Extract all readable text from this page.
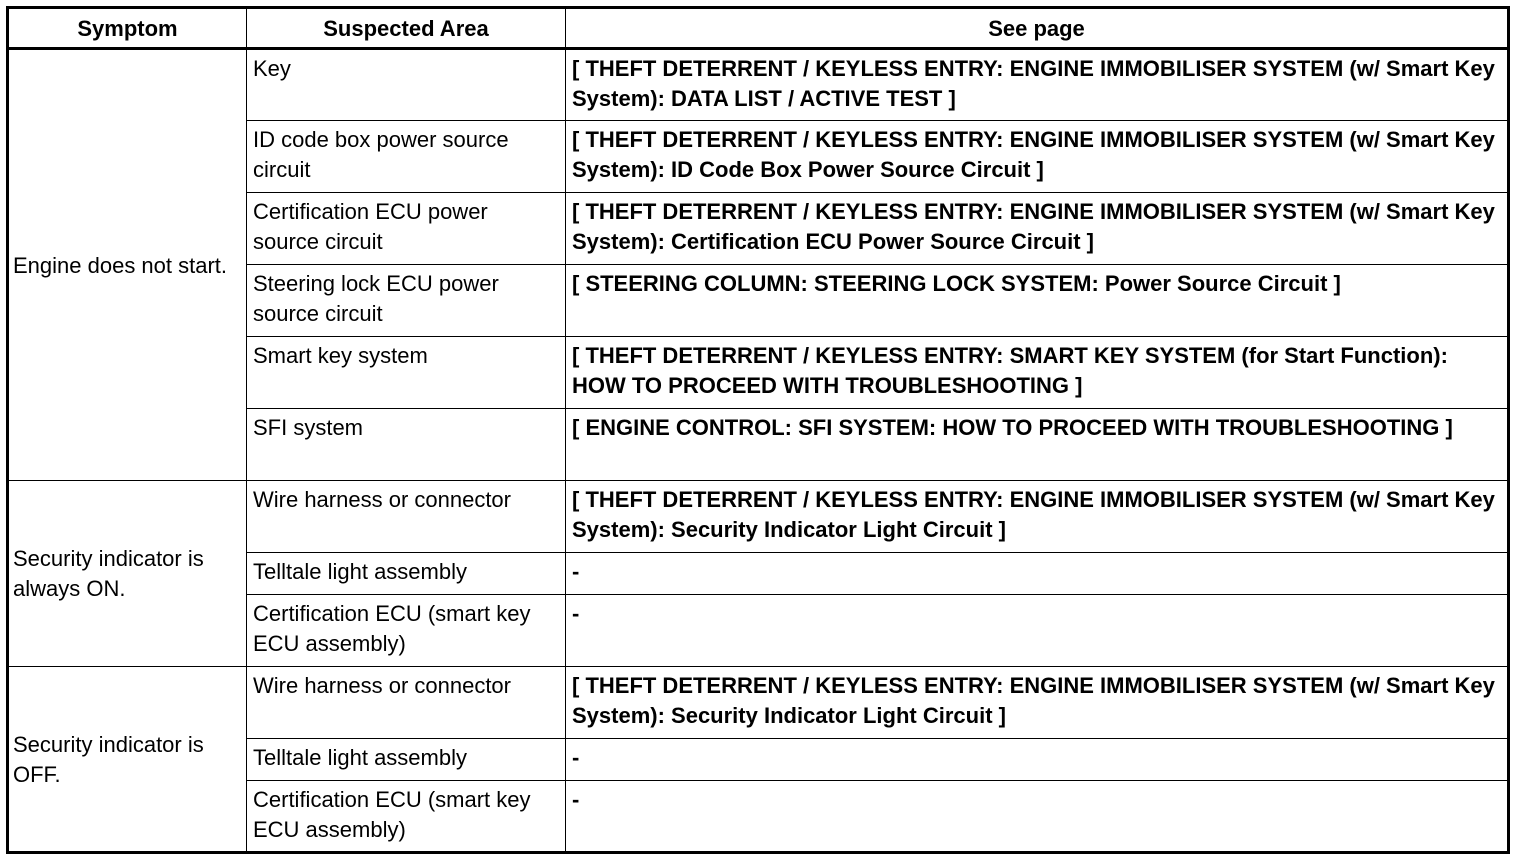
Symptom	Suspected Area	See page
Engine does not start.	Key	[ THEFT DETERRENT / KEYLESS ENTRY: ENGINE IMMOBILISER SYSTEM (w/ Smart Key System): DATA LIST / ACTIVE TEST ]
	ID code box power source circuit	[ THEFT DETERRENT / KEYLESS ENTRY: ENGINE IMMOBILISER SYSTEM (w/ Smart Key System): ID Code Box Power Source Circuit ]
	Certification ECU power source circuit	[ THEFT DETERRENT / KEYLESS ENTRY: ENGINE IMMOBILISER SYSTEM (w/ Smart Key System): Certification ECU Power Source Circuit ]
	Steering lock ECU power source circuit	[ STEERING COLUMN: STEERING LOCK SYSTEM: Power Source Circuit ]
	Smart key system	[ THEFT DETERRENT / KEYLESS ENTRY: SMART KEY SYSTEM (for Start Function): HOW TO PROCEED WITH TROUBLESHOOTING ]
	SFI system	[ ENGINE CONTROL: SFI SYSTEM: HOW TO PROCEED WITH TROUBLESHOOTING ]
Security indicator is always ON.	Wire harness or connector	[ THEFT DETERRENT / KEYLESS ENTRY: ENGINE IMMOBILISER SYSTEM (w/ Smart Key System): Security Indicator Light Circuit ]
	Telltale light assembly	-
	Certification ECU (smart key ECU assembly)	-
Security indicator is OFF.	Wire harness or connector	[ THEFT DETERRENT / KEYLESS ENTRY: ENGINE IMMOBILISER SYSTEM (w/ Smart Key System): Security Indicator Light Circuit ]
	Telltale light assembly	-
	Certification ECU (smart key ECU assembly)	-
